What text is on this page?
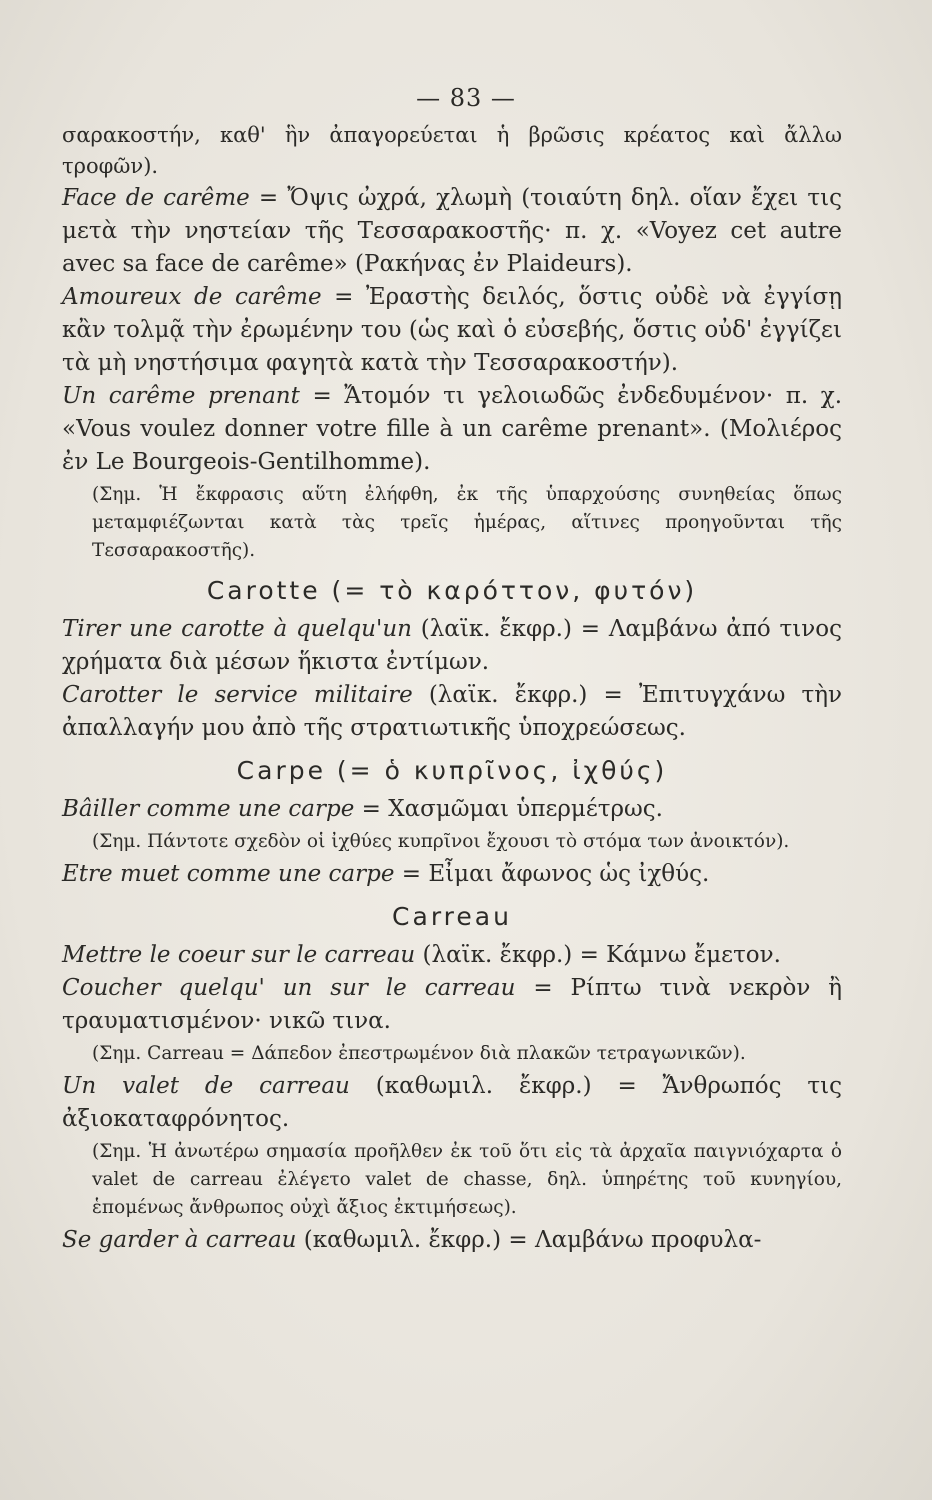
— 83 —

σαρακοστήν, καθ' ἣν ἀπαγορεύεται ἡ βρῶσις κρέατος καὶ ἄλλω τροφῶν).

Face de carême = Ὄψις ὠχρά, χλωμὴ (τοιαύτη δηλ. οἵαν ἔχει τις μετὰ τὴν νηστείαν τῆς Τεσσαρακοστῆς· π. χ. «Voyez cet autre avec sa face de carême» (Ρακήνας ἐν Plaideurs).

Amoureux de carême = Ἐραστὴς δειλός, ὅστις οὐδὲ νὰ ἐγγίσῃ κἂν τολμᾷ τὴν ἐρωμένην του (ὡς καὶ ὁ εὐσεβής, ὅστις οὐδ' ἐγγίζει τὰ μὴ νηστήσιμα φαγητὰ κατὰ τὴν Τεσσαρακοστήν).

Un carême prenant = Ἄτομόν τι γελοιωδῶς ἐνδεδυμένον· π. χ. «Vous voulez donner votre fille à un carême prenant». (Μολιέρος ἐν Le Bourgeois-Gentilhomme).

(Σημ. Ἡ ἔκφρασις αὕτη ἐλήφθη, ἐκ τῆς ὑπαρχούσης συνηθείας ὅπως μεταμφιέζωνται κατὰ τὰς τρεῖς ἡμέρας, αἵτινες προηγοῦνται τῆς Τεσσαρακοστῆς).

Carotte (= τὸ καρόττον, φυτόν)

Tirer une carotte à quelqu'un (λαϊκ. ἔκφρ.) = Λαμβάνω ἀπό τινος χρήματα διὰ μέσων ἥκιστα ἐντίμων.

Carotter le service militaire (λαϊκ. ἔκφρ.) = Ἐπιτυγχάνω τὴν ἀπαλλαγήν μου ἀπὸ τῆς στρατιωτικῆς ὑποχρεώσεως.

Carpe (= ὁ κυπρῖνος, ἰχθύς)

Bâiller comme une carpe = Χασμῶμαι ὑπερμέτρως.

(Σημ. Πάντοτε σχεδὸν οἱ ἰχθύες κυπρῖνοι ἔχουσι τὸ στόμα των ἀνοικτόν).

Etre muet comme une carpe = Εἶμαι ἄφωνος ὡς ἰχθύς.

Carreau

Mettre le coeur sur le carreau (λαϊκ. ἔκφρ.) = Κάμνω ἔμετον.

Coucher quelqu' un sur le carreau = Ρίπτω τινὰ νεκρὸν ἢ τραυματισμένον· νικῶ τινα.

(Σημ. Carreau = Δάπεδον ἐπεστρωμένον διὰ πλακῶν τετραγωνικῶν).

Un valet de carreau (καθωμιλ. ἔκφρ.) = Ἄνθρωπός τις ἀξιοκαταφρόνητος.

(Σημ. Ἡ ἀνωτέρω σημασία προῆλθεν ἐκ τοῦ ὅτι εἰς τὰ ἀρχαῖα παιγνιόχαρτα ὁ valet de carreau ἐλέγετο valet de chasse, δηλ. ὑπηρέτης τοῦ κυνηγίου, ἑπομένως ἄνθρωπος οὐχὶ ἄξιος ἐκτιμήσεως).

Se garder à carreau (καθωμιλ. ἔκφρ.) = Λαμβάνω προφυλα-
